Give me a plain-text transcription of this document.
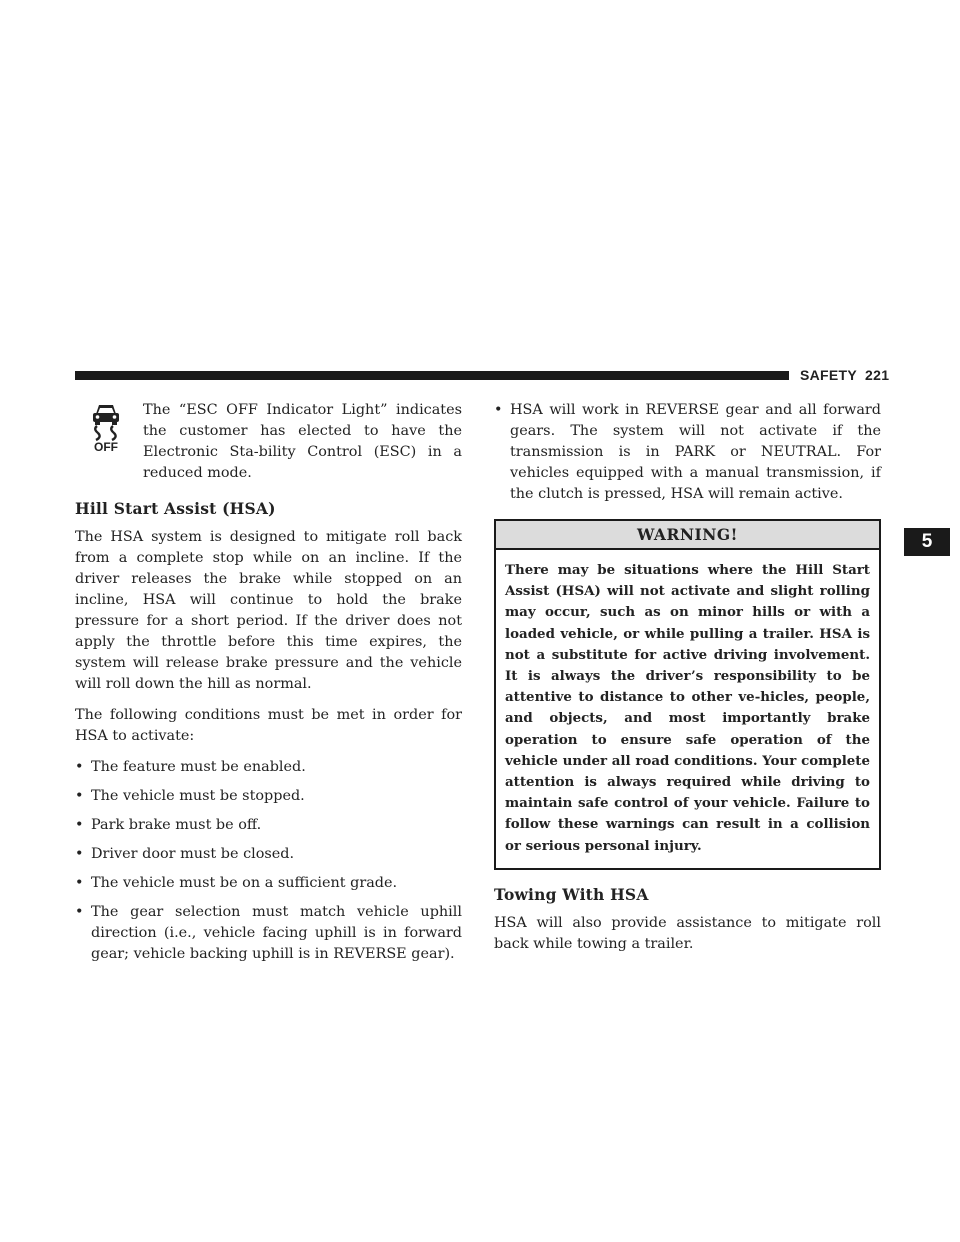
SAFETY 221
5
OFF
The “ESC OFF Indicator Light” indicates the customer has elected to have the Electronic Sta-bility Control (ESC) in a reduced mode.
Hill Start Assist (HSA)

The HSA system is designed to mitigate roll back from a complete stop while on an incline. If the driver releases the brake while stopped on an incline, HSA will continue to hold the brake pressure for a short period. If the driver does not apply the throttle before this time expires, the system will release brake pressure and the vehicle will roll down the hill as normal.

The following conditions must be met in order for HSA to activate:

• The feature must be enabled.
• The vehicle must be stopped.
• Park brake must be off.
• Driver door must be closed.
• The vehicle must be on a sufficient grade.
• The gear selection must match vehicle uphill direction (i.e., vehicle facing uphill is in forward gear; vehicle backing uphill is in REVERSE gear).
• HSA will work in REVERSE gear and all forward gears. The system will not activate if the transmission is in PARK or NEUTRAL. For vehicles equipped with a manual transmission, if the clutch is pressed, HSA will remain active.
WARNING!
There may be situations where the Hill Start Assist (HSA) will not activate and slight rolling may occur, such as on minor hills or with a loaded vehicle, or while pulling a trailer. HSA is not a substitute for active driving involvement. It is always the driver’s responsibility to be attentive to distance to other ve-hicles, people, and objects, and most importantly brake operation to ensure safe operation of the vehicle under all road conditions. Your complete attention is always required while driving to maintain safe control of your vehicle. Failure to follow these warnings can result in a collision or serious personal injury.
Towing With HSA

HSA will also provide assistance to mitigate roll back while towing a trailer.
